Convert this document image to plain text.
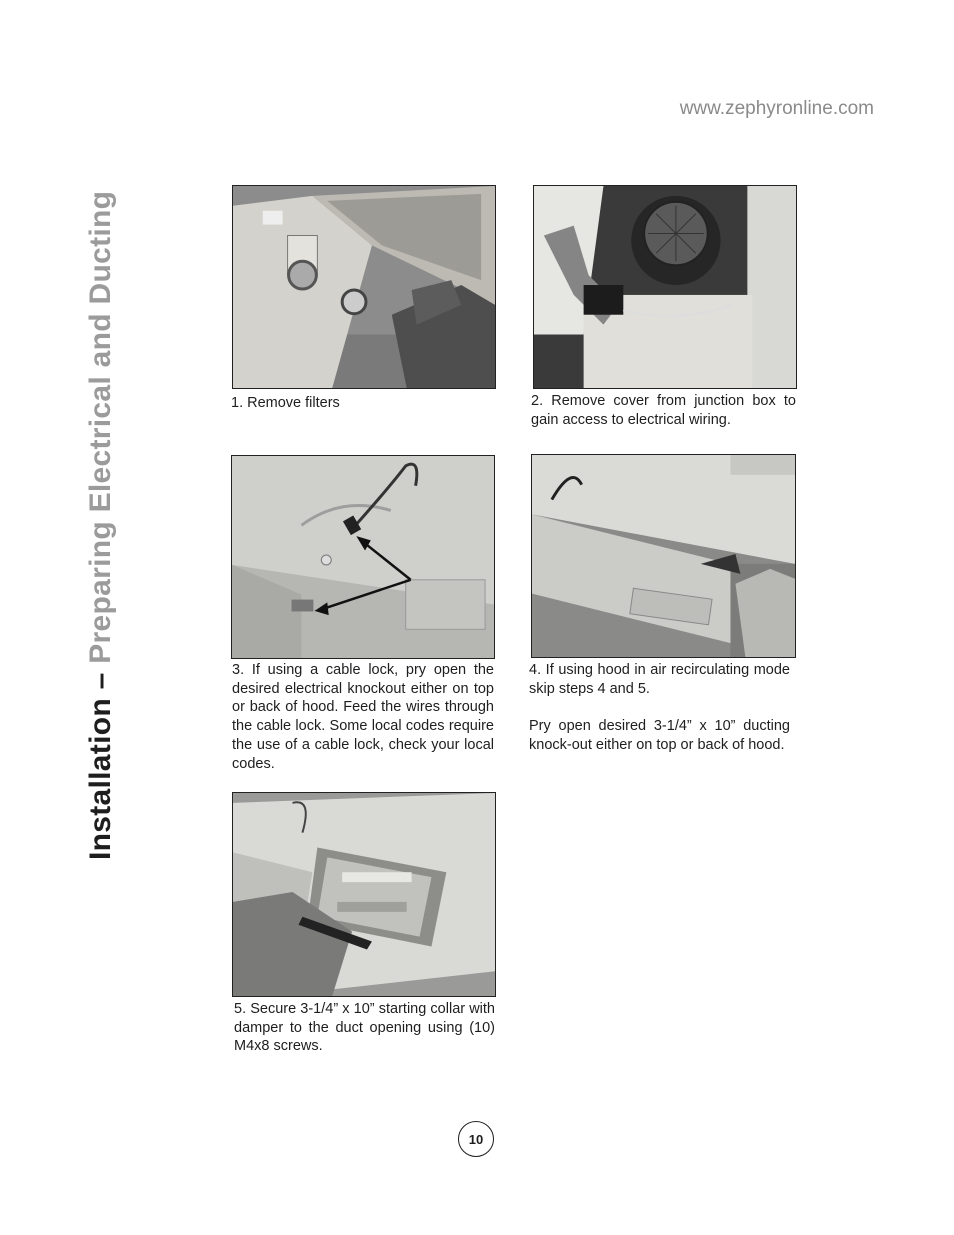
www.zephyronline.com
Installation – Preparing Electrical and Ducting	1. Remove filters	2. Remove cover from junction box to gain access to electrical wiring.
3. If using a cable lock, pry open the desired electrical knockout either on top or back of hood. Feed the wires through the cable lock. Some local codes require the use of a cable lock, check your local codes.

4. If using hood in air recirculating mode skip steps 4 and 5.

Pry open desired 3-1/4” x 10” ducting knock-out either on top or back of hood.

5. Secure 3-1/4” x 10” starting collar with damper to the duct opening using (10) M4x8 screws.
10
